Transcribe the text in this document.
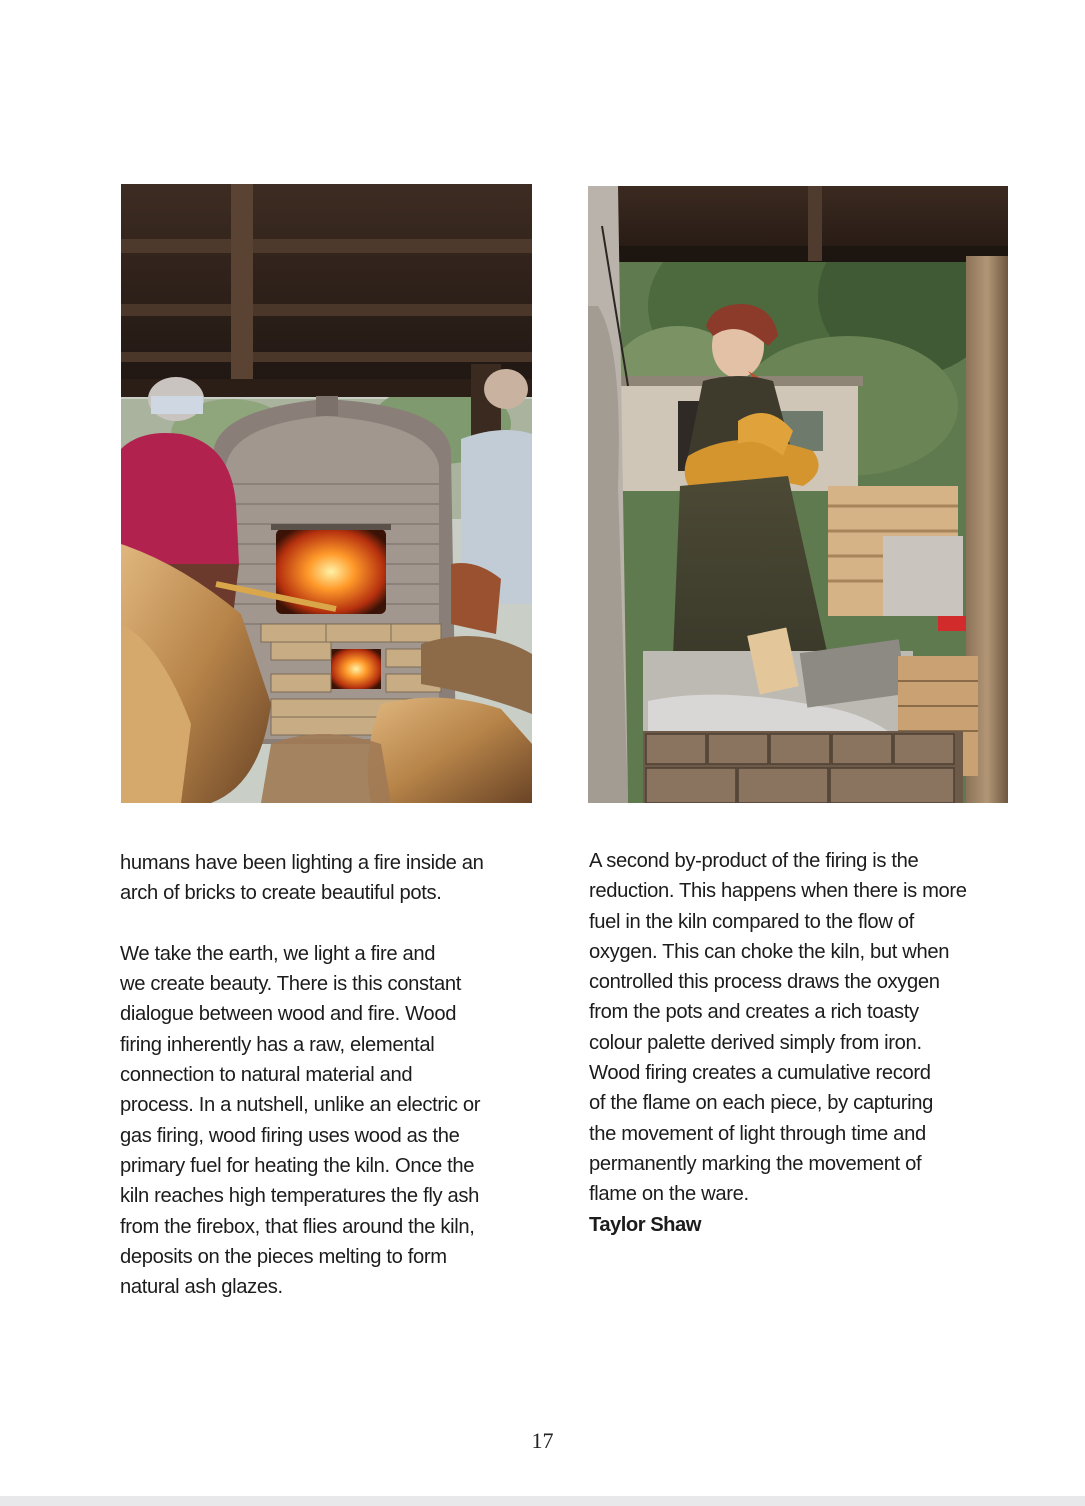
humans have been lighting a fire inside an
arch of bricks to create beautiful pots.

We take the earth, we light a fire and
we create beauty. There is this constant
dialogue between wood and fire. Wood
firing inherently has a raw, elemental
connection to natural material and
process. In a nutshell, unlike an electric or
gas firing, wood firing uses wood as the
primary fuel for heating the kiln. Once the
kiln reaches high temperatures the fly ash
from the firebox, that flies around the kiln,
deposits on the pieces melting to form
natural ash glazes.

A second by-product of the firing is the
reduction. This happens when there is more
fuel in the kiln compared to the flow of
oxygen. This can choke the kiln, but when
controlled this process draws the oxygen
from the pots and creates a rich toasty
colour palette derived simply from iron.
Wood firing creates a cumulative record
of the flame on each piece, by capturing
the movement of light through time and
permanently marking the movement of
flame on the ware.

Taylor Shaw
17
